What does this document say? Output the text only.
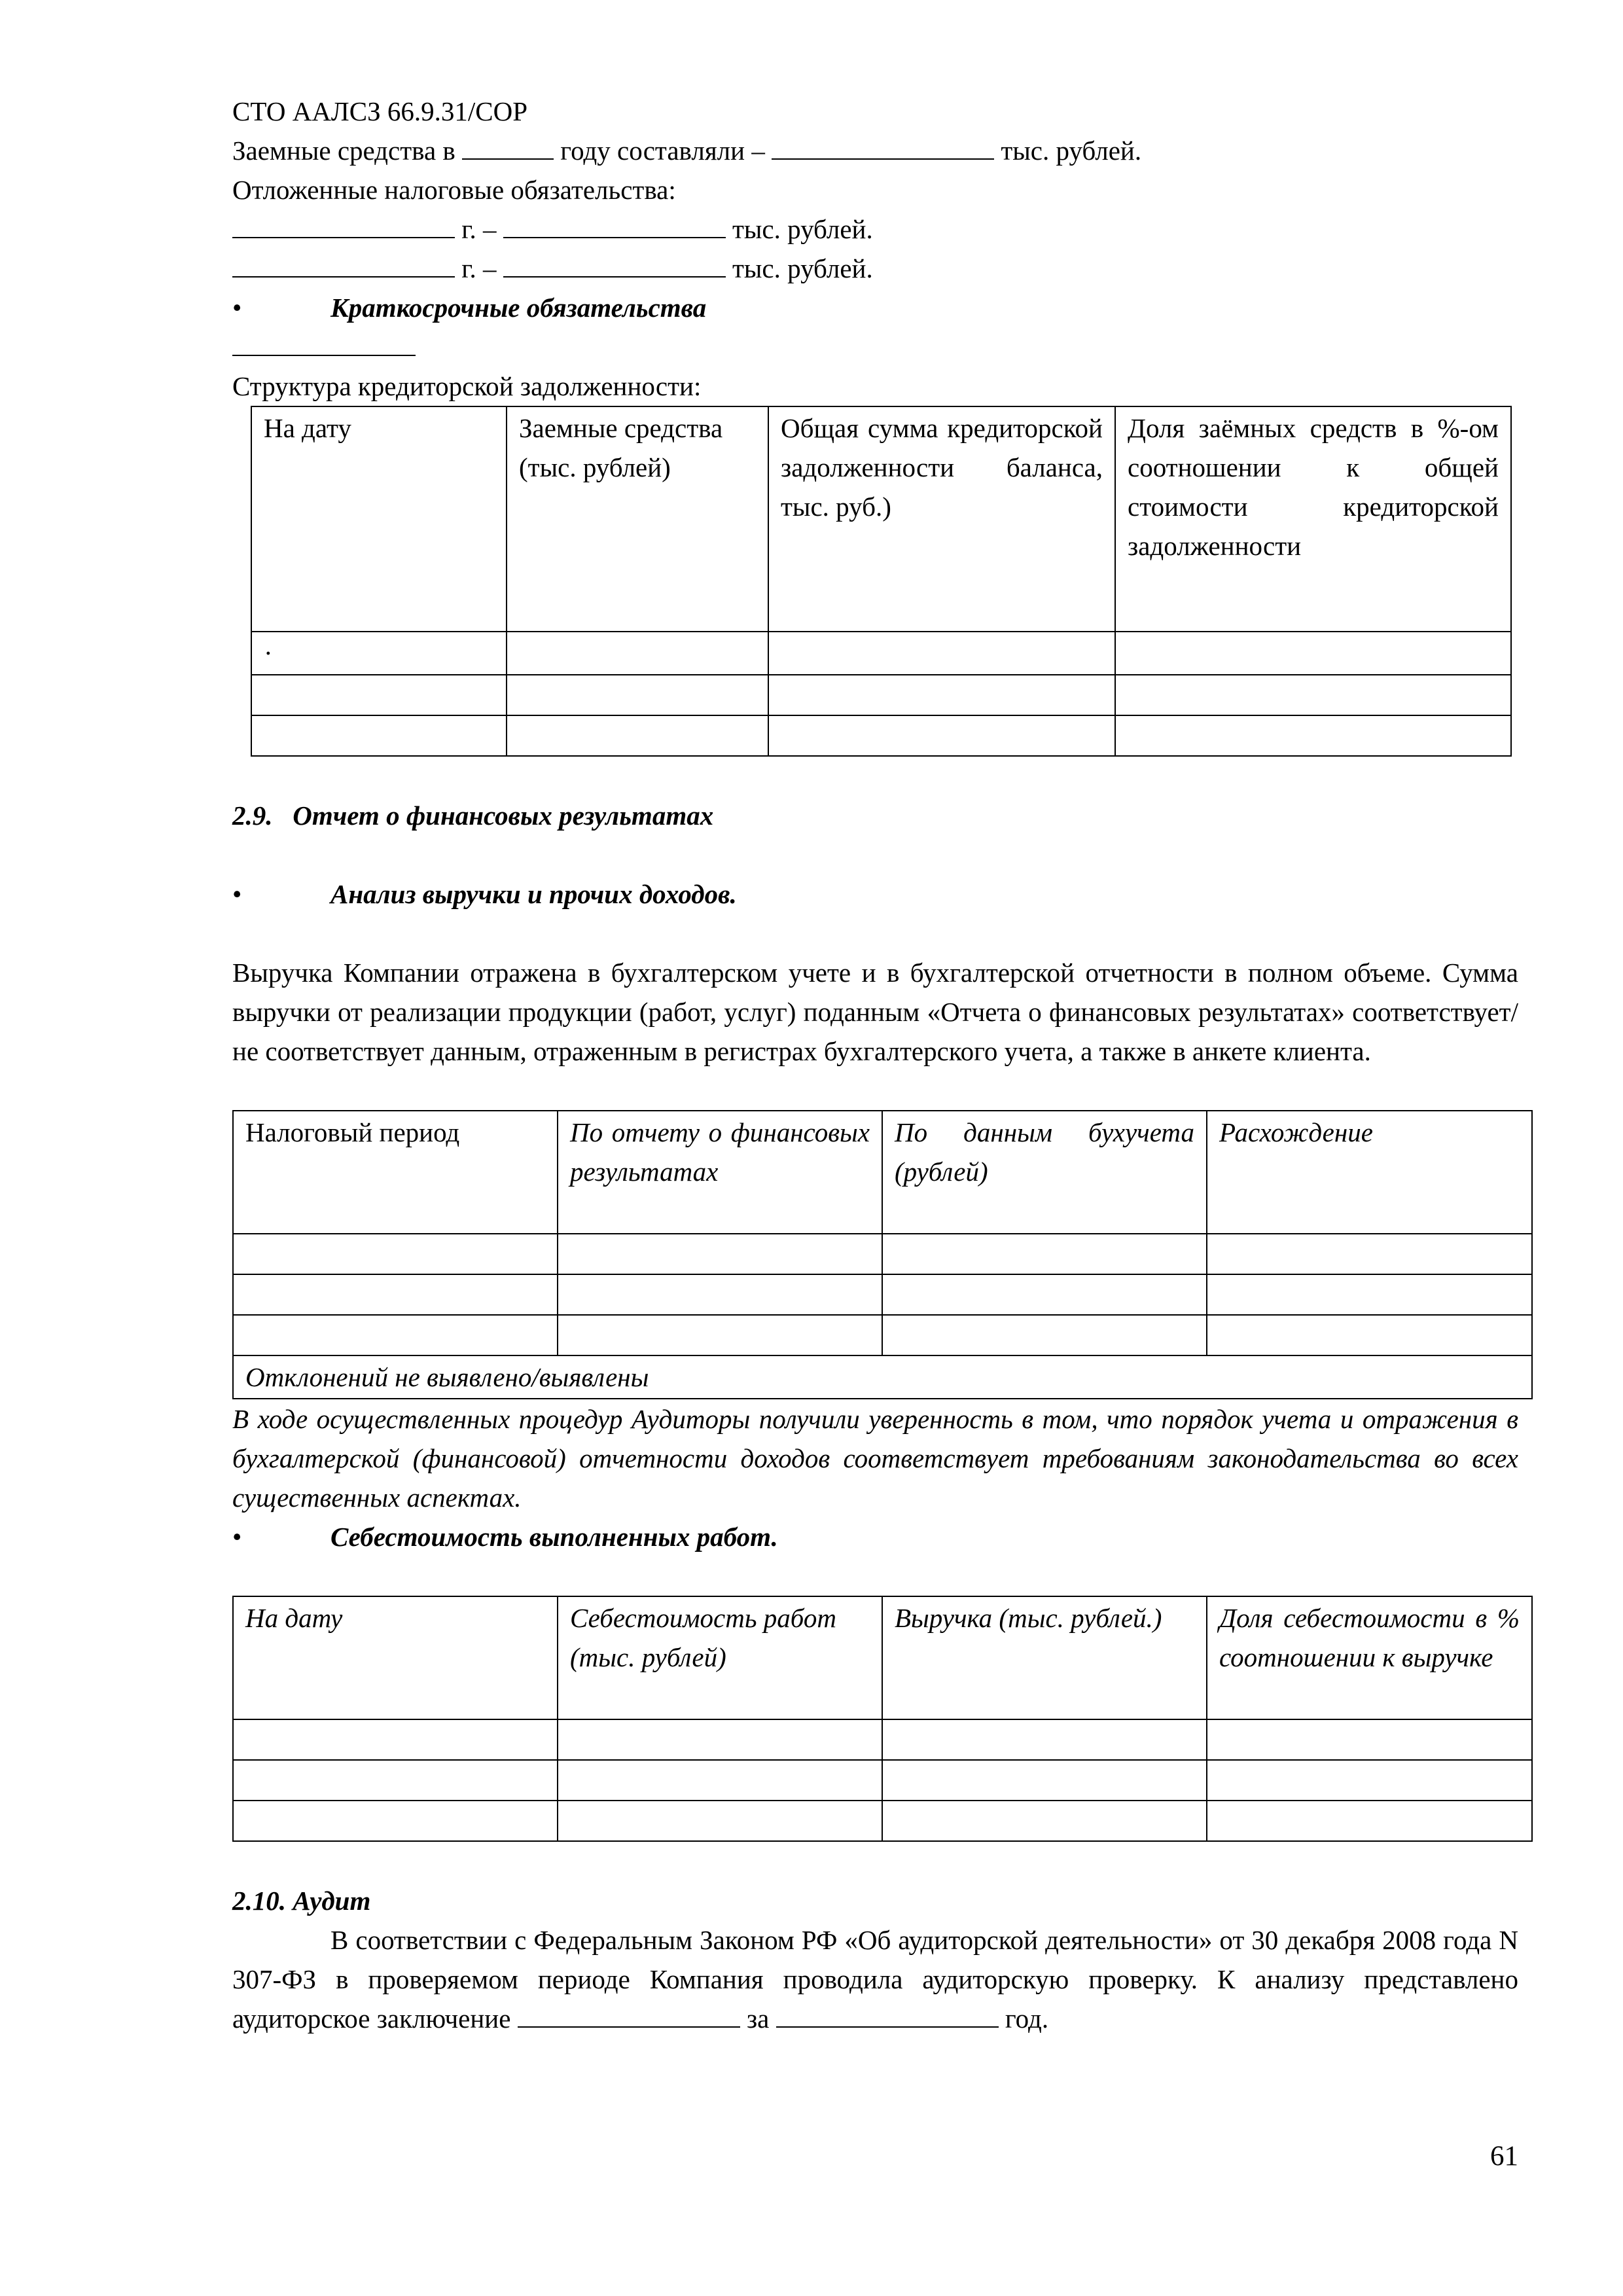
СТО ААЛСЗ 66.9.31/СОР

Заемные средства в	году составляли –	тыс. рублей.

Отложенные налоговые обязательства:

г. –	тыс. рублей.

г. –	тыс. рублей.

•	Краткосрочные обязательства

Структура кредиторской задолженности:

На дату	Заемные средства (тыс. рублей)	Общая сумма кредиторской задолженности баланса, тыс. руб.)	Доля заёмных средств в %-ом соотношении к общей стоимости кредиторской задолженности
·			

2.9.   Отчет о финансовых результатах

•	Анализ выручки и прочих доходов.

Выручка Компании отражена в бухгалтерском учете и в бухгалтерской отчетности в полном объеме. Сумма выручки от реализации продукции (работ, услуг) поданным «Отчета о финансовых результатах» соответствует/не соответствует данным, отраженным в регистрах бухгалтерского учета, а также в анкете клиента.

Налоговый период	По отчету о финансовых результатах	По данным бухучета (рублей)	Расхождение

Отклонений не выявлено/выявлены			

В ходе осуществленных процедур Аудиторы получили уверенность в том, что порядок учета и отражения в бухгалтерской (финансовой) отчетности доходов соответствует требованиям законодательства во всех существенных аспектах.

•	Себестоимость выполненных работ.

На дату	Себестоимость работ (тыс. рублей)	Выручка (тыс. рублей.)	Доля себестоимости в % соотношении к выручке

2.10. Аудит

В соответствии с Федеральным Законом РФ «Об аудиторской деятельности» от 30 декабря 2008 года N 307-ФЗ в проверяемом периоде Компания проводила аудиторскую проверку. К анализу представлено аудиторское заключение	за	год.

61
